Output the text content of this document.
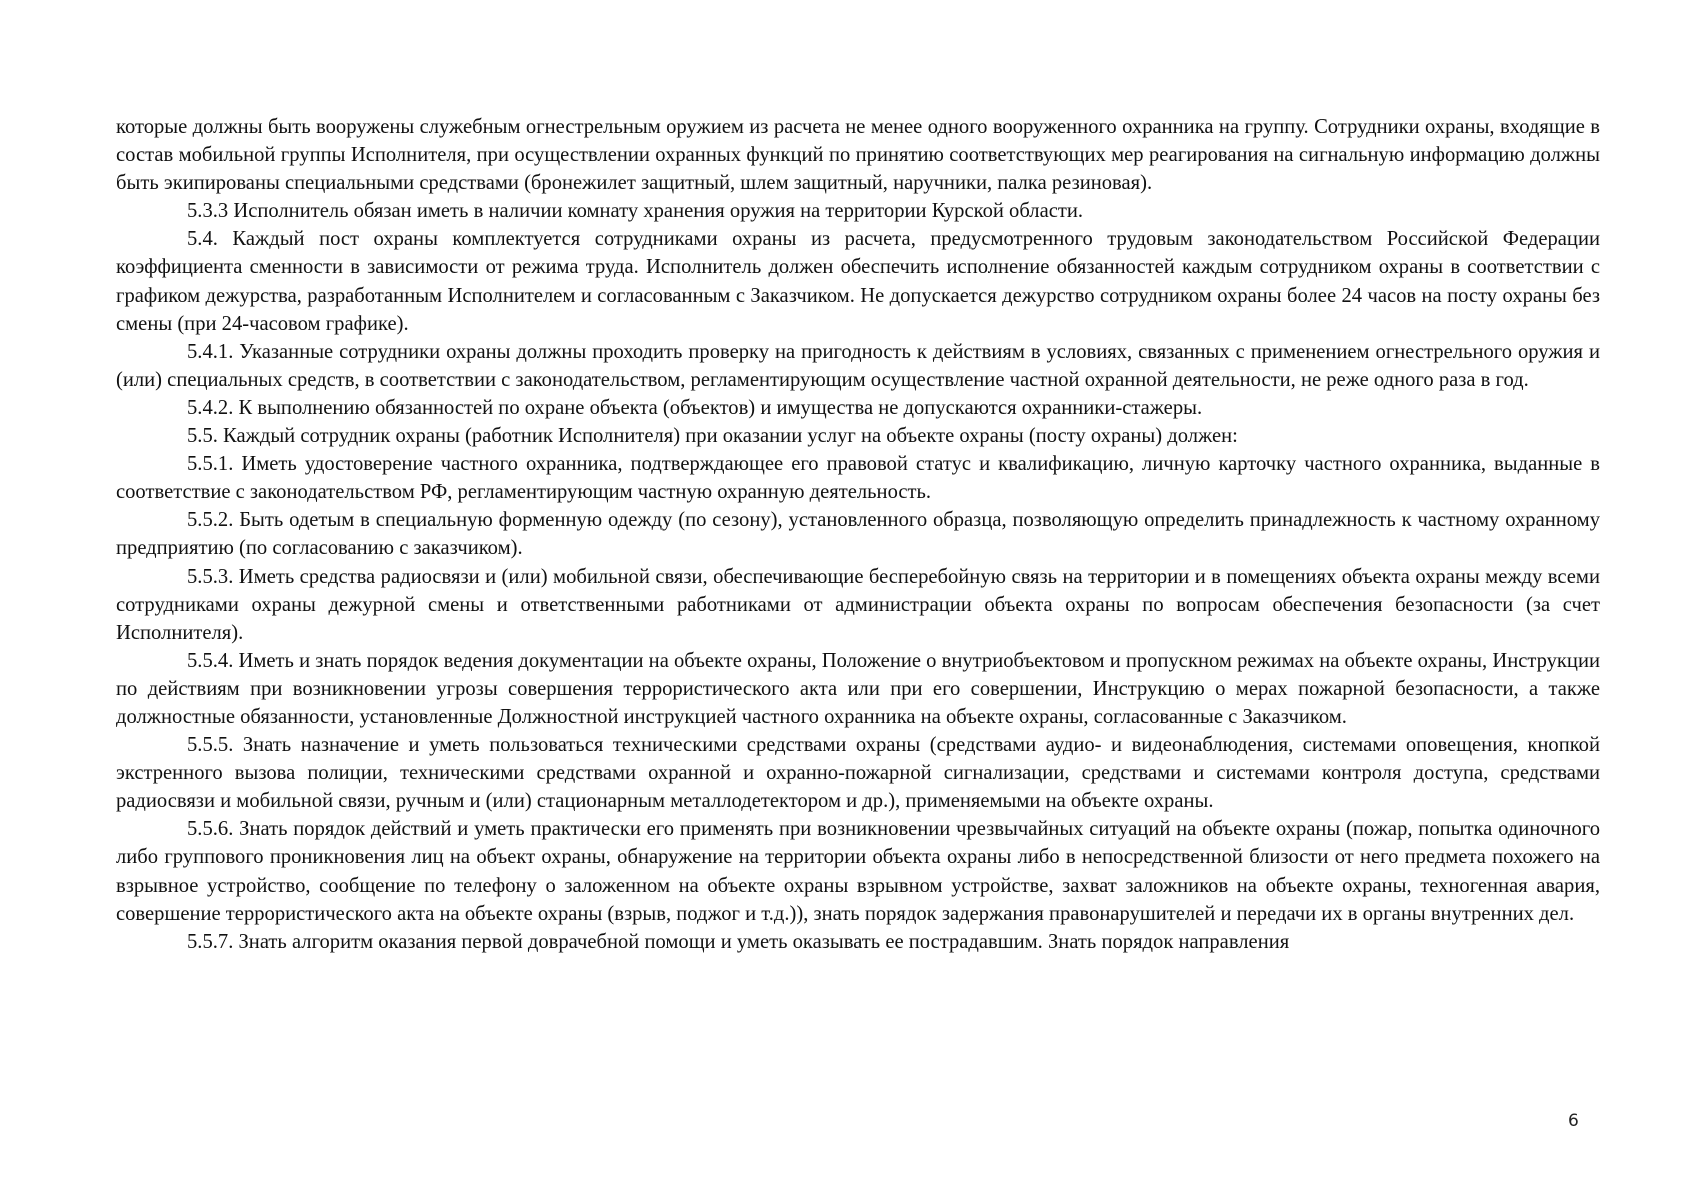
которые должны быть вооружены служебным огнестрельным оружием из расчета не менее одного вооруженного охранника на группу. Сотрудники охраны, входящие в состав мобильной группы Исполнителя, при осуществлении охранных функций по принятию соответствующих мер реагирования на сигнальную информацию должны быть экипированы специальными средствами (бронежилет защитный, шлем защитный, наручники, палка резиновая).

5.3.3 Исполнитель обязан иметь в наличии комнату хранения оружия на территории Курской области.

5.4. Каждый пост охраны комплектуется сотрудниками охраны из расчета, предусмотренного трудовым законодательством Российской Федерации коэффициента сменности в зависимости от режима труда. Исполнитель должен обеспечить исполнение обязанностей каждым сотрудником охраны в соответствии с графиком дежурства, разработанным Исполнителем и согласованным с Заказчиком. Не допускается дежурство сотрудником охраны более 24 часов на посту охраны без смены (при 24-часовом графике).

5.4.1. Указанные сотрудники охраны должны проходить проверку на пригодность к действиям в условиях, связанных с применением огнестрельного оружия и (или) специальных средств, в соответствии с законодательством, регламентирующим осуществление частной охранной деятельности, не реже одного раза в год.

5.4.2. К выполнению обязанностей по охране объекта (объектов) и имущества не допускаются охранники-стажеры.

5.5. Каждый сотрудник охраны (работник Исполнителя) при оказании услуг на объекте охраны (посту охраны) должен:

5.5.1. Иметь удостоверение частного охранника, подтверждающее его правовой статус и квалификацию, личную карточку частного охранника, выданные в соответствие с законодательством РФ, регламентирующим частную охранную деятельность.

5.5.2. Быть одетым в специальную форменную одежду (по сезону), установленного образца, позволяющую определить принадлежность к частному охранному предприятию (по согласованию с заказчиком).

5.5.3. Иметь средства радиосвязи и (или) мобильной связи, обеспечивающие бесперебойную связь на территории и в помещениях объекта охраны между всеми сотрудниками охраны дежурной смены и ответственными работниками от администрации объекта охраны по вопросам обеспечения безопасности (за счет Исполнителя).

5.5.4. Иметь и знать порядок ведения документации на объекте охраны, Положение о внутриобъектовом и пропускном режимах на объекте охраны, Инструкции по действиям при возникновении угрозы совершения террористического акта или при его совершении, Инструкцию о мерах пожарной безопасности, а также должностные обязанности, установленные Должностной инструкцией частного охранника на объекте охраны, согласованные с Заказчиком.

5.5.5. Знать назначение и уметь пользоваться техническими средствами охраны (средствами аудио- и видеонаблюдения, системами оповещения, кнопкой экстренного вызова полиции, техническими средствами охранной и охранно-пожарной сигнализации, средствами и системами контроля доступа, средствами радиосвязи и мобильной связи, ручным и (или) стационарным металлодетектором и др.), применяемыми на объекте охраны.

5.5.6. Знать порядок действий и уметь практически его применять при возникновении чрезвычайных ситуаций на объекте охраны (пожар, попытка одиночного либо группового проникновения лиц на объект охраны, обнаружение на территории объекта охраны либо в непосредственной близости от него предмета похожего на взрывное устройство, сообщение по телефону о заложенном на объекте охраны взрывном устройстве, захват заложников на объекте охраны, техногенная авария, совершение террористического акта на объекте охраны (взрыв, поджог и т.д.)), знать порядок задержания правонарушителей и передачи их в органы внутренних дел.

5.5.7. Знать алгоритм оказания первой доврачебной помощи и уметь оказывать ее пострадавшим. Знать порядок направления

6
